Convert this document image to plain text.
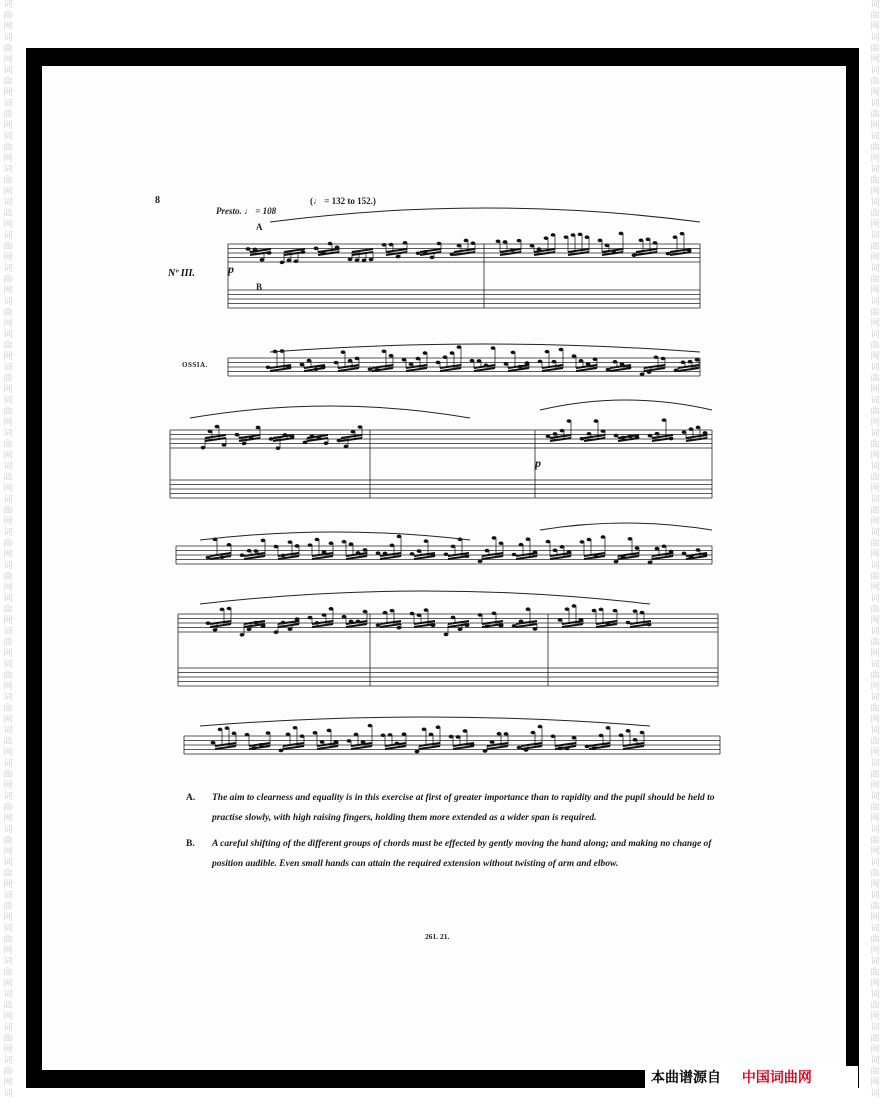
词
曲
网
词
曲
网
词
曲
网
词
曲
网
词
曲
网
词
曲
网
词
曲
网
词
曲
网
词
曲
网
词
曲
网
词
曲
网
词
曲
网
词
曲
网
词
曲
网
词
曲
网
词
曲
网
词
曲
网
词
曲
网
词
曲
网
词
曲
网
词
曲
网
词
曲
网
词
曲
网
词
曲
网
词
曲
网
词
曲
网
词
曲
网
词
曲
网
词
曲
网
词
曲
网
词
曲
网
词
曲
网
词
曲
网
词
词
曲
网
词
曲
网
词
曲
网
词
曲
网
词
曲
网
词
曲
网
词
曲
网
词
曲
网
词
曲
网
词
曲
网
词
曲
网
词
曲
网
词
曲
网
词
曲
网
词
曲
网
词
曲
网
词
曲
网
词
曲
网
词
曲
网
词
曲
网
词
曲
网
词
曲
网
词
曲
网
词
曲
网
词
曲
网
词
曲
网
词
曲
网
词
曲
网
词
曲
网
词
曲
网
词
曲
网
词
曲
网
词
曲
网
词
8
Presto. ♩ = 108
(♩ = 132 to 152.)
A
B
Nº III.
OSSIA.
p
p
A. The aim to clearness and equality is in this exercise at first of greater importance than to rapidity and the pupil should be held to practise slowly, with high raising fingers, holding them more extended as a wider span is required.
B. A careful shifting of the different groups of chords must be effected by gently moving the hand along; and making no change of position audible. Even small hands can attain the required extension without twisting of arm and elbow.
261. 21.
本曲谱源自 中国词曲网
